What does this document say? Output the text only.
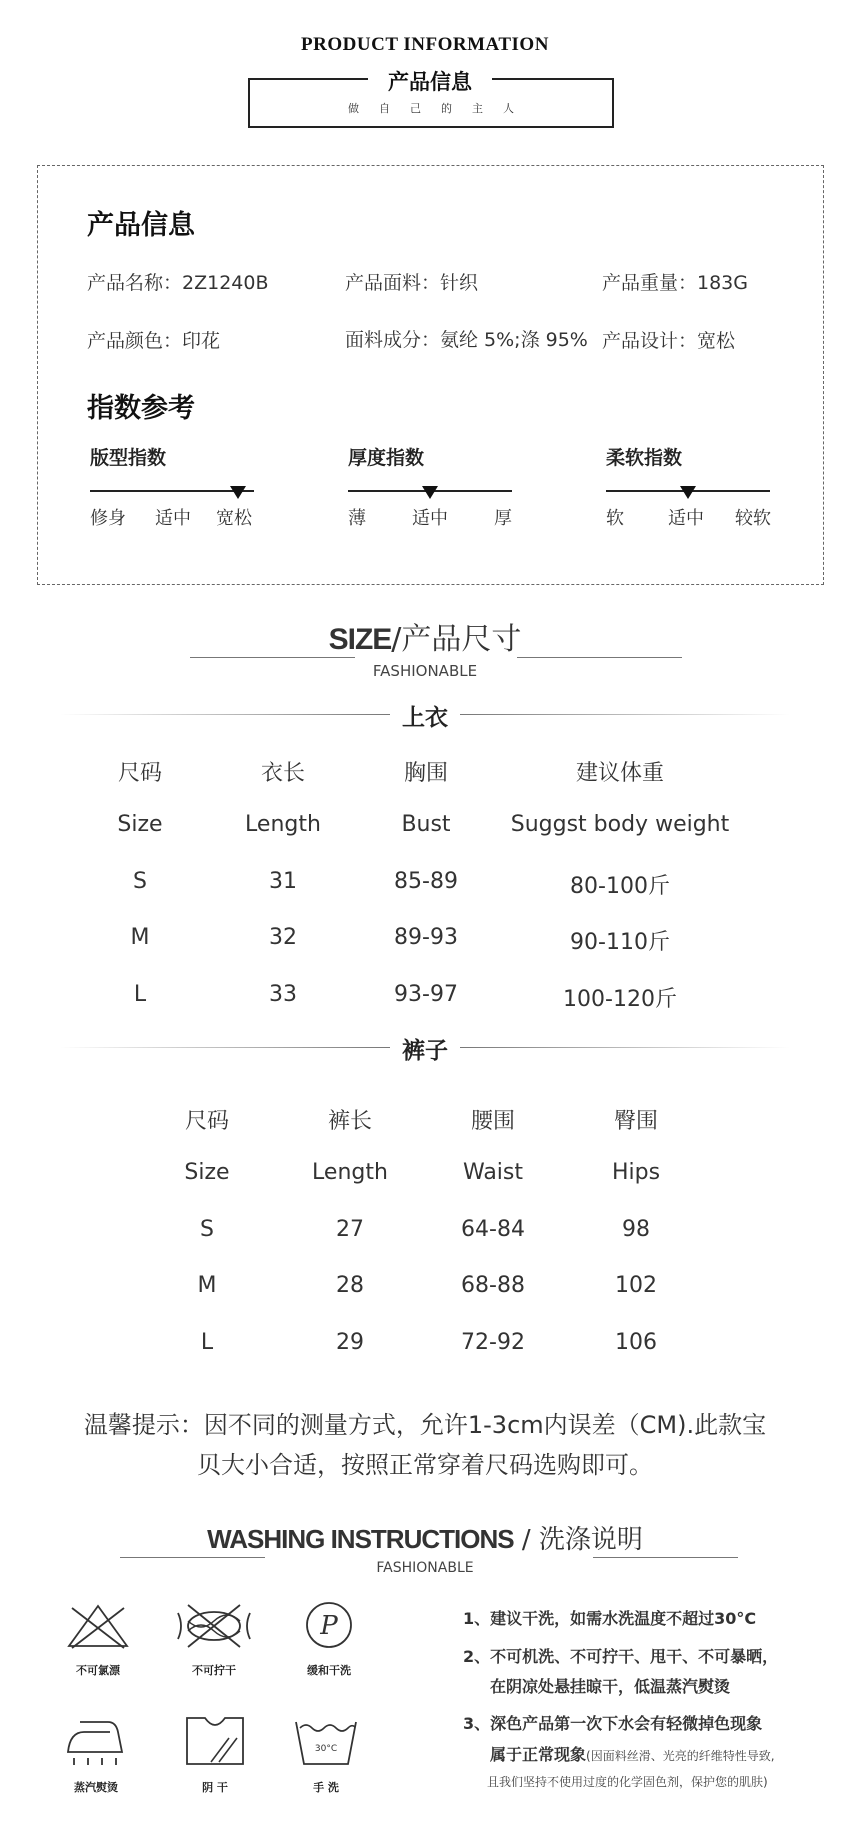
PRODUCT INFORMATION
产品信息
做自己的主人
产品信息
产品名称：2Z1240B	产品面料：针织	产品重量：183G
产品颜色：印花	面料成分：氨纶 5%;涤 95% 产品设计：宽松
指数参考
版型指数
修身 适中 宽松
厚度指数
薄	适中	厚
柔软指数
软 适中 较软
SIZE/产品尺寸
FASHIONABLE
上衣
尺码	衣长	胸围	建议体重
Size	Length	Bust	Suggst body weight
S	31	85-89	80-100斤
M	32	89-93	90-110斤
L	33	93-97	100-120斤
裤子
尺码	裤长	腰围	臀围
Size	Length	Waist	Hips
S	27	64-84	98
M	28	68-88	102
L	29	72-92	106
温馨提示：因不同的测量方式，允许1-3cm内误差（CM).此款宝
贝大小合适，按照正常穿着尺码选购即可。
WASHING INSTRUCTIONS / 洗涤说明
FASHIONABLE
不可氯漂	不可拧干
P
缓和干洗
蒸汽熨烫	阴 干
30°C
手 洗
1、建议干洗，如需水洗温度不超过30°C
2、不可机洗、不可拧干、甩干、不可暴晒，
在阴凉处悬挂晾干，低温蒸汽熨烫
3、深色产品第一次下水会有轻微掉色现象
属于正常现象(因面料丝滑、光亮的纤维特性导致,
且我们坚持不使用过度的化学固色剂，保护您的肌肤)
